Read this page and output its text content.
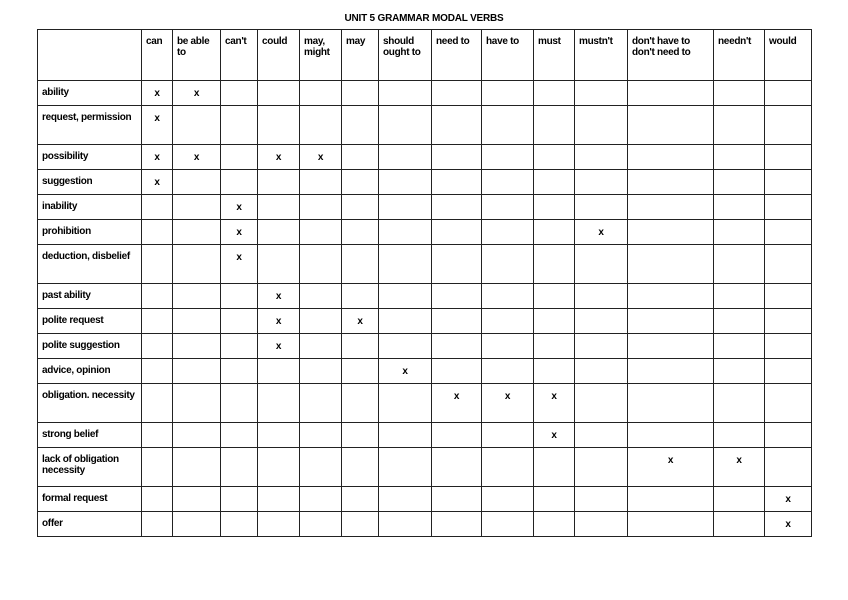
UNIT 5 GRAMMAR MODAL VERBS
	can	be able to	can't	could	may, might	may	should ought to	need to	have to	must	mustn't	don't have to don't need to	needn't	would
ability	x	x												
request, permission	x													
possibility	x	x		x	x									
suggestion	x													
inability			x											
prohibition			x								x			
deduction, disbelief			x											
past ability				x										
polite request				x		x								
polite suggestion				x										
advice, opinion							x							
obligation. necessity								x	x	x				
strong belief										x				
lack of obligation necessity												x	x	
formal request														x
offer														x
